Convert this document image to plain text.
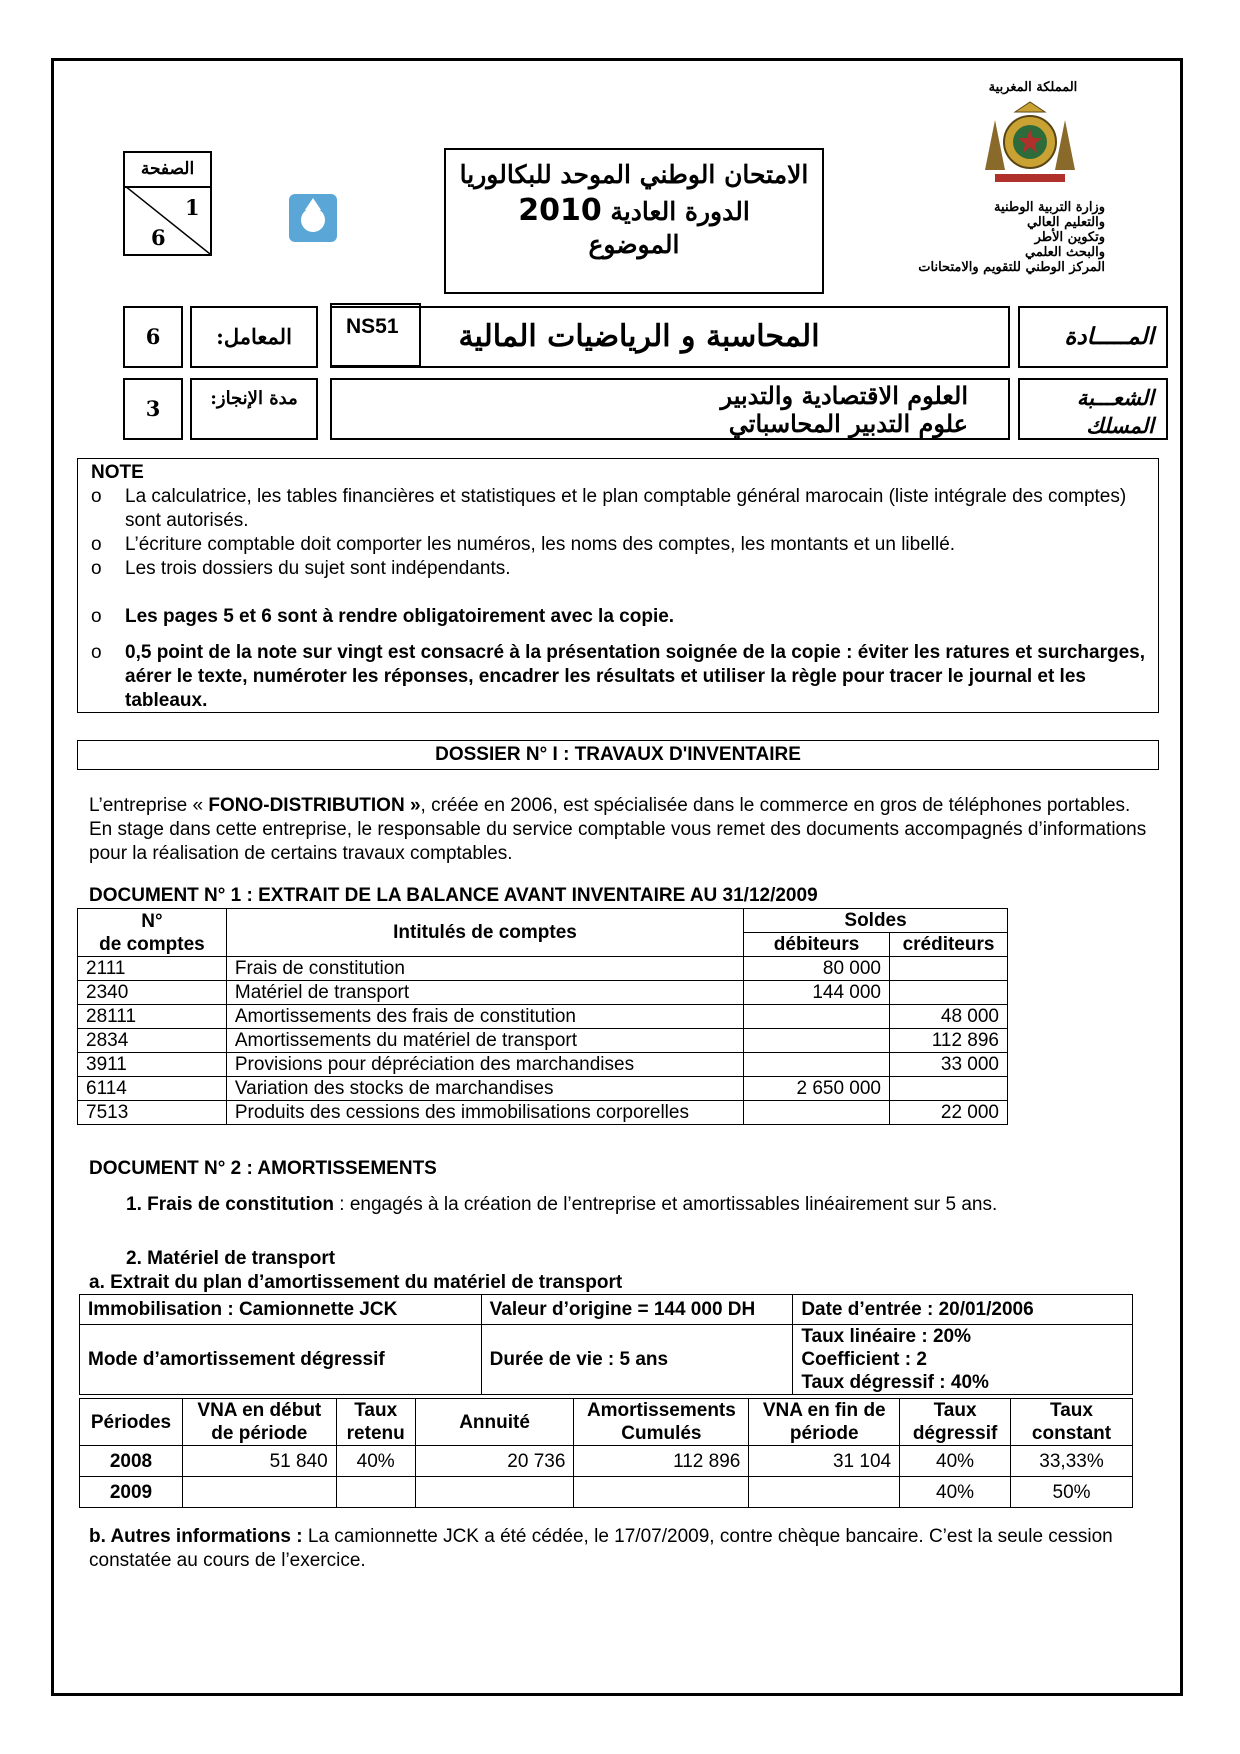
المملكة المغربية
وزارة التربية الوطنية
والتعليم العالي
وتكوين الأطر
والبحث العلمي
المركز الوطني للتقويم والامتحانات
الصفحة
1
6
الامتحان الوطني الموحد للبكالوريا
الدورة العادية 2010
الموضوع
6	المعامل:	NS51	المحاسبة و الرياضيات المالية	المـــــادة
3	مدة الإنجاز:	العلوم الاقتصادية والتدبير
علوم التدبير المحاسباتي
الشعـــبة
المسلك
NOTE
o	La calculatrice, les tables financières et statistiques et le plan comptable général marocain (liste intégrale des comptes) sont autorisés.
o	L’écriture comptable doit comporter les numéros, les noms des comptes, les montants et un libellé.
o	Les trois dossiers du sujet sont indépendants.
o	Les pages 5 et 6 sont à rendre obligatoirement avec la copie.
o	0,5 point de la note sur vingt est consacré à la présentation soignée de la copie : éviter les ratures et surcharges, aérer le texte, numéroter les réponses, encadrer les résultats et utiliser la règle pour tracer le journal et les tableaux.
DOSSIER N° I : TRAVAUX D'INVENTAIRE
L’entreprise « FONO-DISTRIBUTION », créée en 2006, est spécialisée dans le commerce en gros de téléphones portables. En stage dans cette entreprise, le responsable du service comptable vous remet des documents accompagnés d’informations pour la réalisation de certains travaux comptables.
DOCUMENT N° 1 : EXTRAIT DE LA BALANCE AVANT INVENTAIRE AU 31/12/2009
N°
de comptes	Intitulés de comptes	Soldes	
		débiteurs	créditeurs
2111	Frais de constitution	80 000	
2340	Matériel de transport	144 000	
28111	Amortissements des frais de constitution		48 000
2834	Amortissements du matériel de transport		112 896
3911	Provisions pour dépréciation des marchandises		33 000
6114	Variation des stocks de marchandises	2 650 000	
7513	Produits des cessions des immobilisations corporelles		22 000
DOCUMENT N° 2 : AMORTISSEMENTS
1. Frais de constitution : engagés à la création de l’entreprise et amortissables linéairement sur 5 ans.
2. Matériel de transport
a. Extrait du plan d’amortissement du matériel de transport
Immobilisation : Camionnette JCK	Valeur d’origine = 144 000 DH	Date d’entrée : 20/01/2006
Mode d’amortissement dégressif	Durée de vie : 5 ans	Taux linéaire : 20%
Coefficient : 2
Taux dégressif : 40%
Périodes	VNA en début de période	Taux retenu	Annuité	Amortissements Cumulés	VNA en fin de période	Taux dégressif	Taux constant
2008	51 840	40%	20 736	112 896	31 104	40%	33,33%
2009						40%	50%
b. Autres informations : La camionnette JCK a été cédée, le 17/07/2009, contre chèque bancaire. C’est la seule cession constatée au cours de l’exercice.
